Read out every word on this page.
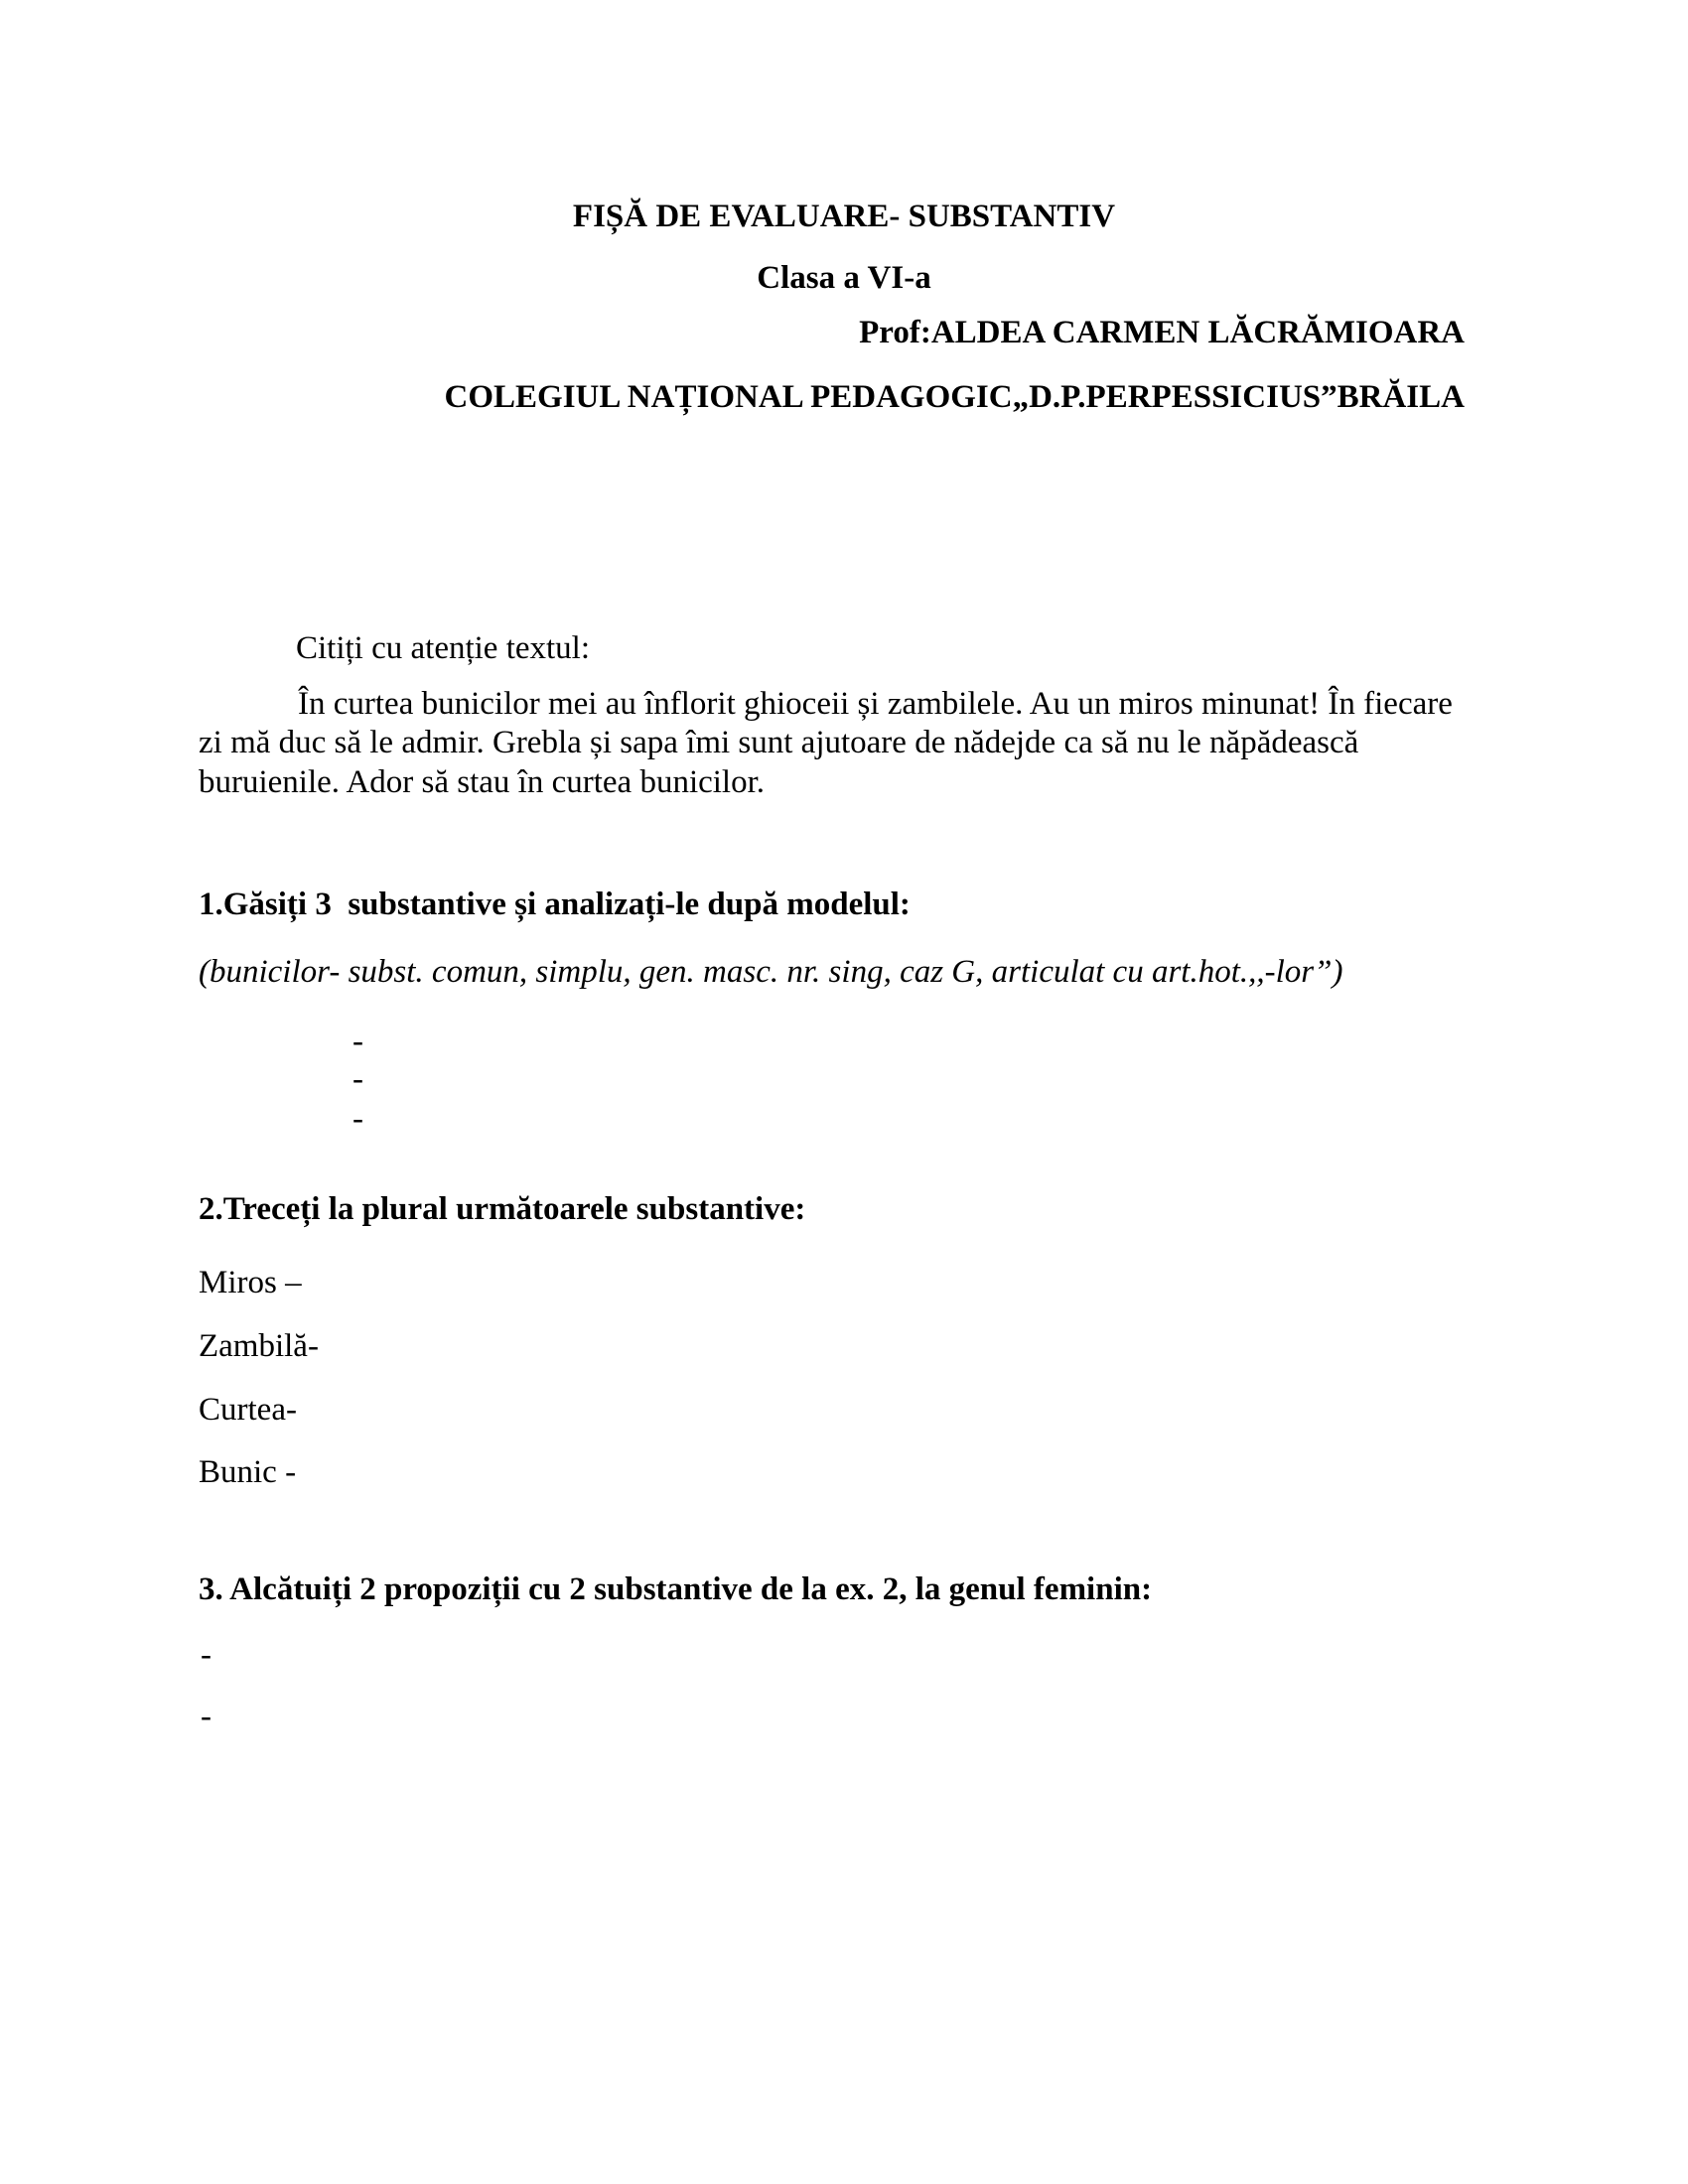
FIȘĂ DE EVALUARE- SUBSTANTIV
Clasa a VI-a
Prof:ALDEA CARMEN LĂCRĂMIOARA
COLEGIUL NAȚIONAL PEDAGOGIC„D.P.PERPESSICIUS”BRĂILA
Citiți cu atenție textul:
În curtea bunicilor mei au înflorit ghioceii și zambilele. Au un miros minunat! În fiecare
zi mă duc să le admir. Grebla și sapa îmi sunt ajutoare de nădejde ca să nu le năpădească
buruienile. Ador să stau în curtea bunicilor.
1.Găsiți 3  substantive și analizați-le după modelul:
(bunicilor- subst. comun, simplu, gen. masc. nr. sing, caz G, articulat cu art.hot.,,-lor”)
-
-
-
2.Treceți la plural următoarele substantive:
Miros –
Zambilă-
Curtea-
Bunic -
3. Alcătuiți 2 propoziții cu 2 substantive de la ex. 2, la genul feminin:
-
-
